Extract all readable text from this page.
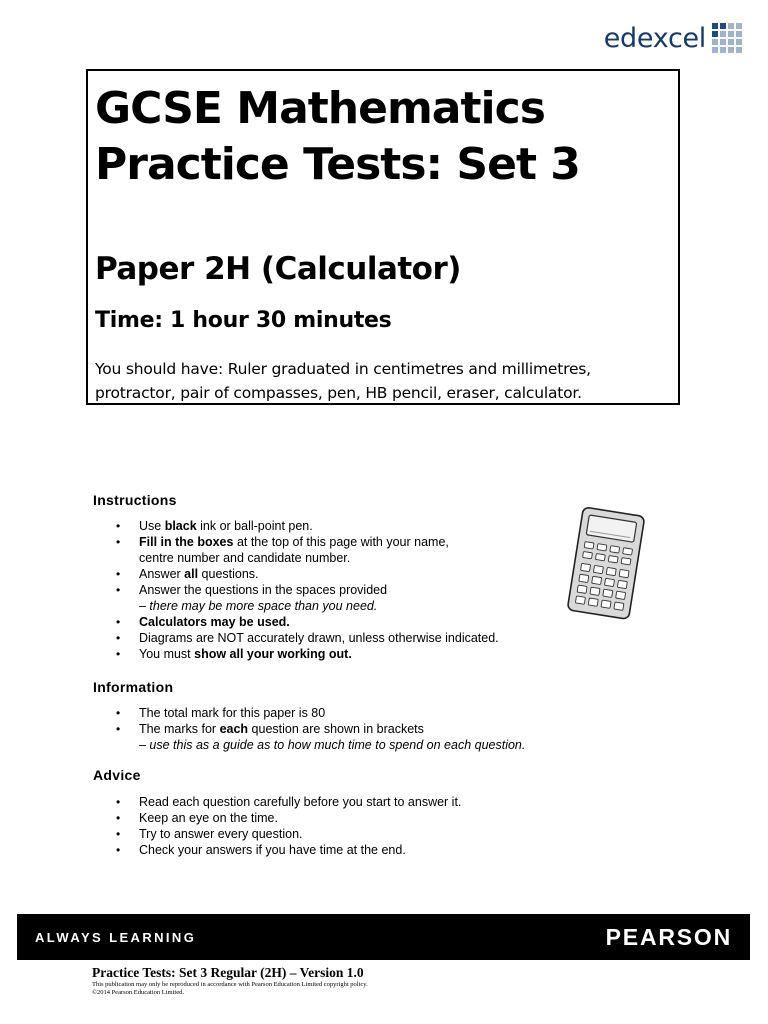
edexcel
GCSE Mathematics
Practice Tests: Set 3
Paper 2H (Calculator)

Time: 1 hour 30 minutes

You should have: Ruler graduated in centimetres and millimetres,
protractor, pair of compasses, pen, HB pencil, eraser, calculator.

Instructions
• Use black ink or ball-point pen.
• Fill in the boxes at the top of this page with your name,
centre number and candidate number.
• Answer all questions.
• Answer the questions in the spaces provided
– there may be more space than you need.
• Calculators may be used.
• Diagrams are NOT accurately drawn, unless otherwise indicated.
• You must show all your working out.
Information
• The total mark for this paper is 80
• The marks for each question are shown in brackets
– use this as a guide as to how much time to spend on each question.
Advice
• Read each question carefully before you start to answer it.
• Keep an eye on the time.
• Try to answer every question.
• Check your answers if you have time at the end.
ALWAYS LEARNING	PEARSON

Practice Tests: Set 3 Regular (2H) – Version 1.0

This publication may only be reproduced in accordance with Pearson Education Limited copyright policy.
©2014 Pearson Education Limited.
